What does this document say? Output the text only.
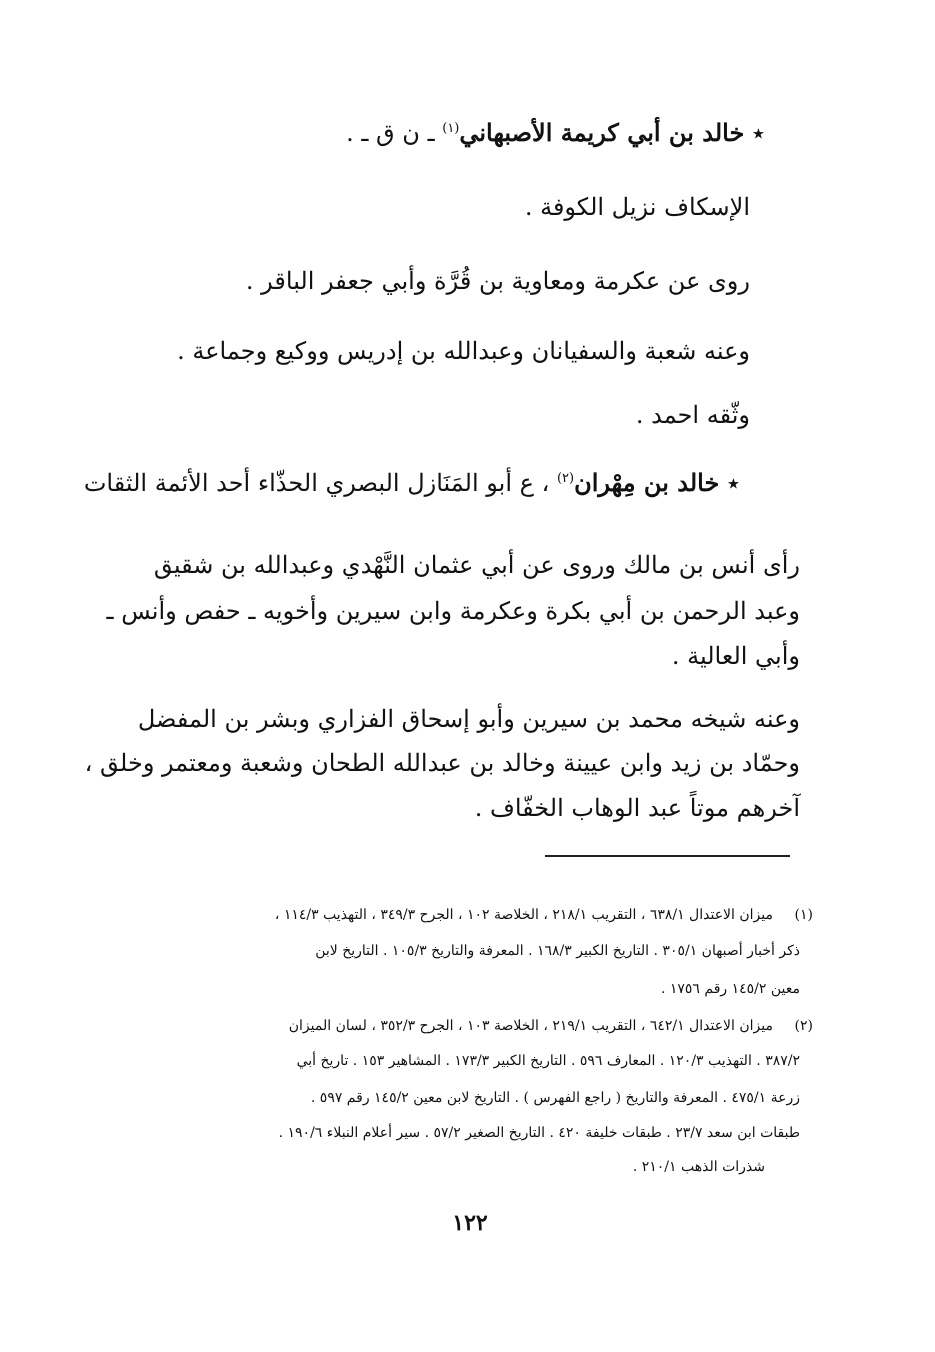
٭ خالد بن أبي كريمة الأصبهاني$^{(١)}$ ـ ن ق ـ .
الإسكاف نزيل الكوفة .
روى عن عكرمة ومعاوية بن قُرَّة وأبي جعفر الباقر .
وعنه شعبة والسفيانان وعبدالله بن إدريس ووكيع وجماعة .
وثّقه احمد .
٭ خالد بن مِهْران$^{(٢)}$ ، ع أبو المَنَازل البصري الحذّاء أحد الأئمة الثقات
رأى أنس بن مالك وروى عن أبي عثمان النَّهْدي وعبدالله بن شقيق
وعبد الرحمن بن أبي بكرة وعكرمة وابن سيرين وأخويه ـ حفص وأنس ـ
وأبي العالية .
وعنه شيخه محمد بن سيرين وأبو إسحاق الفزاري وبشر بن المفضل
وحمّاد بن زيد وابن عيينة وخالد بن عبدالله الطحان وشعبة ومعتمر وخلق ،
آخرهم موتاً عبد الوهاب الخفّاف .
(١)
ميزان الاعتدال ٦٣٨/١ ، التقريب ٢١٨/١ ، الخلاصة ١٠٢ ، الجرح ٣٤٩/٣ ، التهذيب ١١٤/٣ ،
ذكر أخبار أصبهان ٣٠٥/١ . التاريخ الكبير ١٦٨/٣ . المعرفة والتاريخ ١٠٥/٣ . التاريخ لابن
معين ١٤٥/٢ رقم ١٧٥٦ .
(٢)
ميزان الاعتدال ٦٤٢/١ ، التقريب ٢١٩/١ ، الخلاصة ١٠٣ ، الجرح ٣٥٢/٣ ، لسان الميزان
٣٨٧/٢ . التهذيب ١٢٠/٣ . المعارف ٥٩٦ . التاريخ الكبير ١٧٣/٣ . المشاهير ١٥٣ . تاريخ أبي
زرعة ٤٧٥/١ . المعرفة والتاريخ ( راجع الفهرس ) . التاريخ لابن معين ١٤٥/٢ رقم ٥٩٧ .
طبقات ابن سعد ٢٣/٧ . طبقات خليفة ٤٢٠ . التاريخ الصغير ٥٧/٢ . سير أعلام النبلاء ١٩٠/٦ .
شذرات الذهب ٢١٠/١ .
١٢٢
